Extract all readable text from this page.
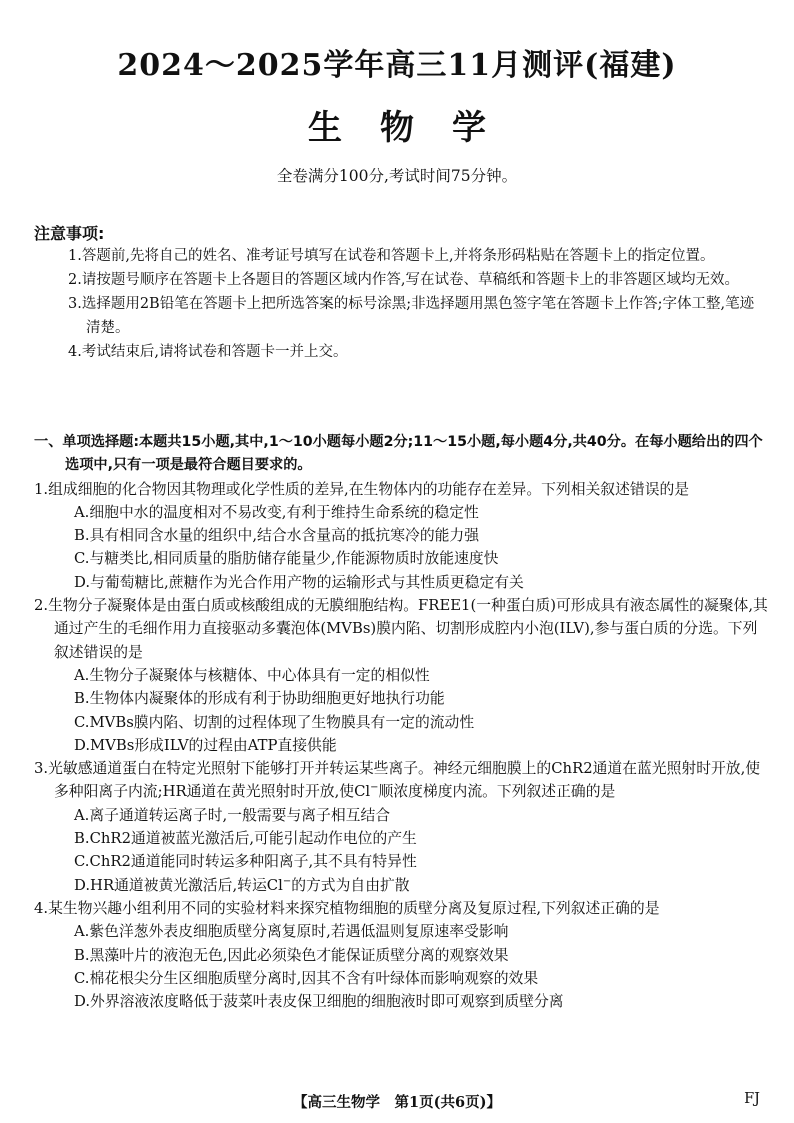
2024～2025学年高三11月测评(福建)
生物学
全卷满分100分,考试时间75分钟。
注意事项:
1.答题前,先将自己的姓名、准考证号填写在试卷和答题卡上,并将条形码粘贴在答题卡上的指定位置。
2.请按题号顺序在答题卡上各题目的答题区域内作答,写在试卷、草稿纸和答题卡上的非答题区域均无效。
3.选择题用2B铅笔在答题卡上把所选答案的标号涂黑;非选择题用黑色签字笔在答题卡上作答;字体工整,笔迹清楚。
4.考试结束后,请将试卷和答题卡一并上交。
一、单项选择题:本题共15小题,其中,1～10小题每小题2分;11～15小题,每小题4分,共40分。在每小题给出的四个选项中,只有一项是最符合题目要求的。
1.组成细胞的化合物因其物理或化学性质的差异,在生物体内的功能存在差异。下列相关叙述错误的是
A.细胞中水的温度相对不易改变,有利于维持生命系统的稳定性
B.具有相同含水量的组织中,结合水含量高的抵抗寒冷的能力强
C.与糖类比,相同质量的脂肪储存能量少,作能源物质时放能速度快
D.与葡萄糖比,蔗糖作为光合作用产物的运输形式与其性质更稳定有关
2.生物分子凝聚体是由蛋白质或核酸组成的无膜细胞结构。FREE1(一种蛋白质)可形成具有液态属性的凝聚体,其通过产生的毛细作用力直接驱动多囊泡体(MVBs)膜内陷、切割形成腔内小泡(ILV),参与蛋白质的分选。下列叙述错误的是
A.生物分子凝聚体与核糖体、中心体具有一定的相似性
B.生物体内凝聚体的形成有利于协助细胞更好地执行功能
C.MVBs膜内陷、切割的过程体现了生物膜具有一定的流动性
D.MVBs形成ILV的过程由ATP直接供能
3.光敏感通道蛋白在特定光照射下能够打开并转运某些离子。神经元细胞膜上的ChR2通道在蓝光照射时开放,使多种阳离子内流;HR通道在黄光照射时开放,使Cl−顺浓度梯度内流。下列叙述正确的是
A.离子通道转运离子时,一般需要与离子相互结合
B.ChR2通道被蓝光激活后,可能引起动作电位的产生
C.ChR2通道能同时转运多种阳离子,其不具有特异性
D.HR通道被黄光激活后,转运Cl−的方式为自由扩散
4.某生物兴趣小组利用不同的实验材料来探究植物细胞的质壁分离及复原过程,下列叙述正确的是
A.紫色洋葱外表皮细胞质壁分离复原时,若遇低温则复原速率受影响
B.黑藻叶片的液泡无色,因此必须染色才能保证质壁分离的观察效果
C.棉花根尖分生区细胞质壁分离时,因其不含有叶绿体而影响观察的效果
D.外界溶液浓度略低于菠菜叶表皮保卫细胞的细胞液时即可观察到质壁分离
【高三生物学　第1页(共6页)】	FJ
